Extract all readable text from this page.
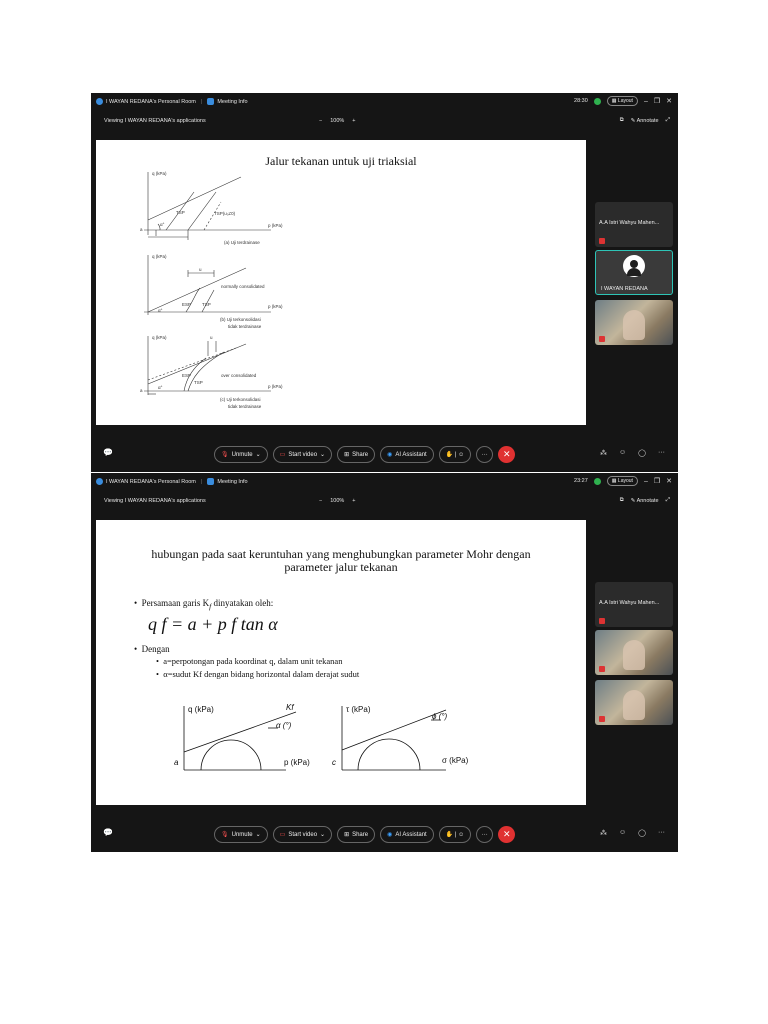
I WAYAN REDANA's Personal Room |	Meeting Info	28:30	▦ Layout	– ❐ ✕
Viewing I WAYAN REDANA's applications	− 100% +	⧉ ✎ Annotate ⤢
Jalur tekanan untuk uji triaksial
q (kPa)
p (kPa)
a
α°
TSP	TSP(u₀≠0)
(a) Uji terdrainase
q (kPa)
p (kPa)
u
normally consolidated
ESP TSP
α°
(b) Uji terkonsolidasi
tidak terdrainase
q (kPa)
p (kPa)
u
over consolidated
ESP
TSP
α°
a
(c) Uji terkonsolidasi
tidak terdrainase
A.A Istri Wahyu Mahen...
I WAYAN REDANA
💬	🎙 Unmute ⌄	▭ Start video ⌄	⊞ Share	◉ AI Assistant	✋ | ☺	···	✕	⁂ ☺ ◯ ···
I WAYAN REDANA's Personal Room |	Meeting Info	23:27	▦ Layout	– ❐ ✕
Viewing I WAYAN REDANA's applications	− 100% +	⧉ ✎ Annotate ⤢
hubungan pada saat keruntuhan yang menghubungkan parameter Mohr dengan
parameter jalur tekanan
•  Persamaan garis $K_f$ dinyatakan oleh:
q f = a + p f tan α
•  Dengan
•  a=perpotongan pada koordinat q, dalam unit tekanan
•  α=sudut Kf dengan bidang horizontal dalam derajat sudut
q (kPa)	Kf
α (°)
a	p (kPa)
τ (kPa)
ϕ (°)
c	σ (kPa)
A.A Istri Wahyu Mahen...
💬	🎙 Unmute ⌄	▭ Start video ⌄	⊞ Share	◉ AI Assistant	✋ | ☺	···	✕	⁂ ☺ ◯ ···
